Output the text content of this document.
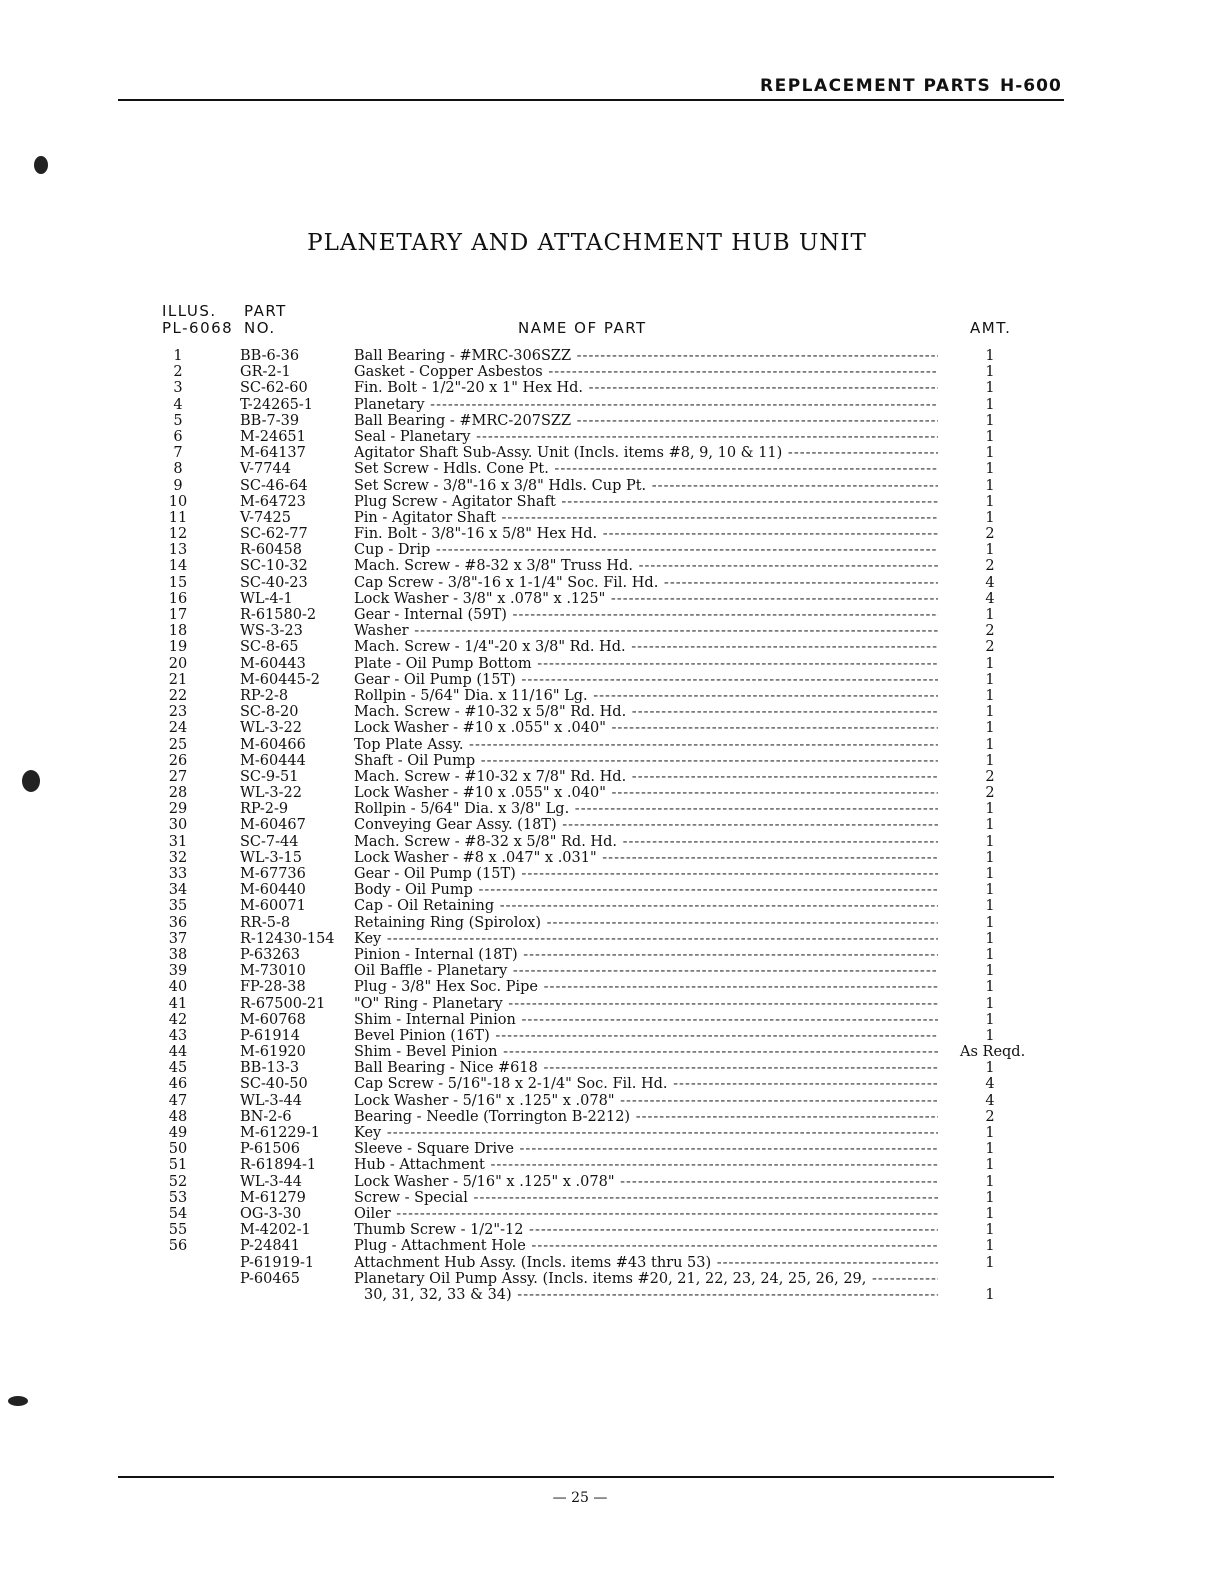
REPLACEMENT PARTS H-600
PLANETARY AND ATTACHMENT HUB UNIT
ILLUS.
PL-6068
PART
NO.	NAME OF PART	AMT.
1	BB-6-36	Ball Bearing - #MRC-306SZZ -----	1
2	GR-2-1	Gasket - Copper Asbestos -----	1
3	SC-62-60	Fin. Bolt - 1/2"-20 x 1" Hex Hd. -----	1
4	T-24265-1	Planetary -----	1
5	BB-7-39	Ball Bearing - #MRC-207SZZ -----	1
6	M-24651	Seal - Planetary -----	1
7	M-64137	Agitator Shaft Sub-Assy. Unit (Incls. items #8, 9, 10 & 11) -----	1
8	V-7744	Set Screw - Hdls. Cone Pt. -----	1
9	SC-46-64	Set Screw - 3/8"-16 x 3/8" Hdls. Cup Pt. -----	1
10	M-64723	Plug Screw - Agitator Shaft -----	1
11	V-7425	Pin - Agitator Shaft -----	1
12	SC-62-77	Fin. Bolt - 3/8"-16 x 5/8" Hex Hd. -----	2
13	R-60458	Cup - Drip -----	1
14	SC-10-32	Mach. Screw - #8-32 x 3/8" Truss Hd. -----	2
15	SC-40-23	Cap Screw - 3/8"-16 x 1-1/4" Soc. Fil. Hd. -----	4
16	WL-4-1	Lock Washer - 3/8" x .078" x .125" -----	4
17	R-61580-2	Gear - Internal (59T) -----	1
18	WS-3-23	Washer -----	2
19	SC-8-65	Mach. Screw - 1/4"-20 x 3/8" Rd. Hd. -----	2
20	M-60443	Plate - Oil Pump Bottom -----	1
21	M-60445-2 Gear - Oil Pump (15T) -----	1
22	RP-2-8	Rollpin - 5/64" Dia. x 11/16" Lg. -----	1
23	SC-8-20	Mach. Screw - #10-32 x 5/8" Rd. Hd. -----	1
24	WL-3-22	Lock Washer - #10 x .055" x .040" -----	1
25	M-60466	Top Plate Assy. -----	1
26	M-60444	Shaft - Oil Pump -----	1
27	SC-9-51	Mach. Screw - #10-32 x 7/8" Rd. Hd. -----	2
28	WL-3-22	Lock Washer - #10 x .055" x .040" -----	2
29	RP-2-9	Rollpin - 5/64" Dia. x 3/8" Lg. -----	1
30	M-60467	Conveying Gear Assy. (18T) -----	1
31	SC-7-44	Mach. Screw - #8-32 x 5/8" Rd. Hd. -----	1
32	WL-3-15	Lock Washer - #8 x .047" x .031" -----	1
33	M-67736	Gear - Oil Pump (15T) -----	1
34	M-60440	Body - Oil Pump -----	1
35	M-60071	Cap - Oil Retaining -----	1
36	RR-5-8	Retaining Ring (Spirolox) -----	1
37	R-12430-154 Key -----	1
38	P-63263	Pinion - Internal (18T) -----	1
39	M-73010	Oil Baffle - Planetary -----	1
40	FP-28-38	Plug - 3/8" Hex Soc. Pipe -----	1
41	R-67500-21 "O" Ring - Planetary -----	1
42	M-60768	Shim - Internal Pinion -----	1
43	P-61914	Bevel Pinion (16T) -----	1
44	M-61920	Shim - Bevel Pinion -----	As Reqd.
45	BB-13-3	Ball Bearing - Nice #618 -----	1
46	SC-40-50	Cap Screw - 5/16"-18 x 2-1/4" Soc. Fil. Hd. -----	4
47	WL-3-44	Lock Washer - 5/16" x .125" x .078" -----	4
48	BN-2-6	Bearing - Needle (Torrington B-2212) -----	2
49	M-61229-1 Key -----	1
50	P-61506	Sleeve - Square Drive -----	1
51	R-61894-1	Hub - Attachment -----	1
52	WL-3-44	Lock Washer - 5/16" x .125" x .078" -----	1
53	M-61279	Screw - Special -----	1
54	OG-3-30	Oiler -----	1
55	M-4202-1	Thumb Screw - 1/2"-12 -----	1
56	P-24841	Plug - Attachment Hole -----	1
P-61919-1	Attachment Hub Assy. (Incls. items #43 thru 53) -----	1
P-60465	Planetary Oil Pump Assy. (Incls. items #20, 21, 22, 23, 24, 25, 26, 29, -----
30, 31, 32, 33 & 34) -----	1
— 25 —
